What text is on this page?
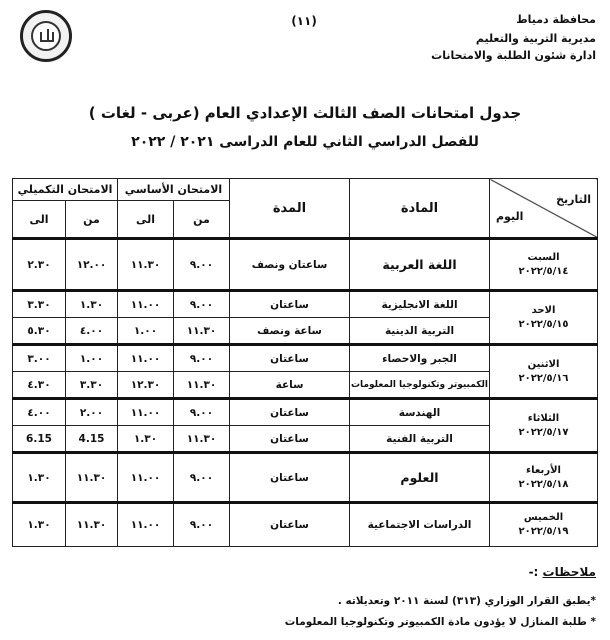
محافظة دمياط
مديرية التربية والتعليم
ادارة شئون الطلبة والامتحانات
(١١)
جدول امتحانات الصف الثالث الإعدادي العام (عربى - لغات )
للفصل الدراسي الثاني للعام الدراسى ٢٠٢١ / ٢٠٢٢
التاريخ
اليوم	المادة	المدة	الامتحان الأساسي		الامتحان التكميلي	
			من	الى	من	الى

السبت
٢٠٢٢/٥/١٤	اللغة العربية	ساعتان ونصف	٩.٠٠	١١.٣٠	١٢.٠٠	٢.٣٠

الاحد
٢٠٢٢/٥/١٥	اللغة الانجليزية	ساعتان	٩.٠٠	١١.٠٠	١.٣٠	٣.٣٠
	التربية الدينية	ساعة ونصف	١١.٣٠	١.٠٠	٤.٠٠	٥.٣٠

الاثنين
٢٠٢٢/٥/١٦	الجبر والاحصاء	ساعتان	٩.٠٠	١١.٠٠	١.٠٠	٣.٠٠
	الكمبيوتر وتكنولوجيا المعلومات	ساعة	١١.٣٠	١٢.٣٠	٣.٣٠	٤.٣٠

الثلاثاء
٢٠٢٢/٥/١٧	الهندسة	ساعتان	٩.٠٠	١١.٠٠	٢.٠٠	٤.٠٠
	التربية الفنية	ساعتان	١١.٣٠	١.٣٠	4.15	6.15

الأربعاء
٢٠٢٢/٥/١٨	العلوم	ساعتان	٩.٠٠	١١.٠٠	١١.٣٠	١.٣٠

الخميس
٢٠٢٢/٥/١٩	الدراسات الاجتماعية	ساعتان	٩.٠٠	١١.٠٠	١١.٣٠	١.٣٠
ملاحظات :-
*يطبق القرار الوزاري (٣١٣) لسنة ٢٠١١ وتعديلاته .
* طلبة المنازل لا يؤدون مادة الكمبيوتر وتكنولوجيا المعلومات
